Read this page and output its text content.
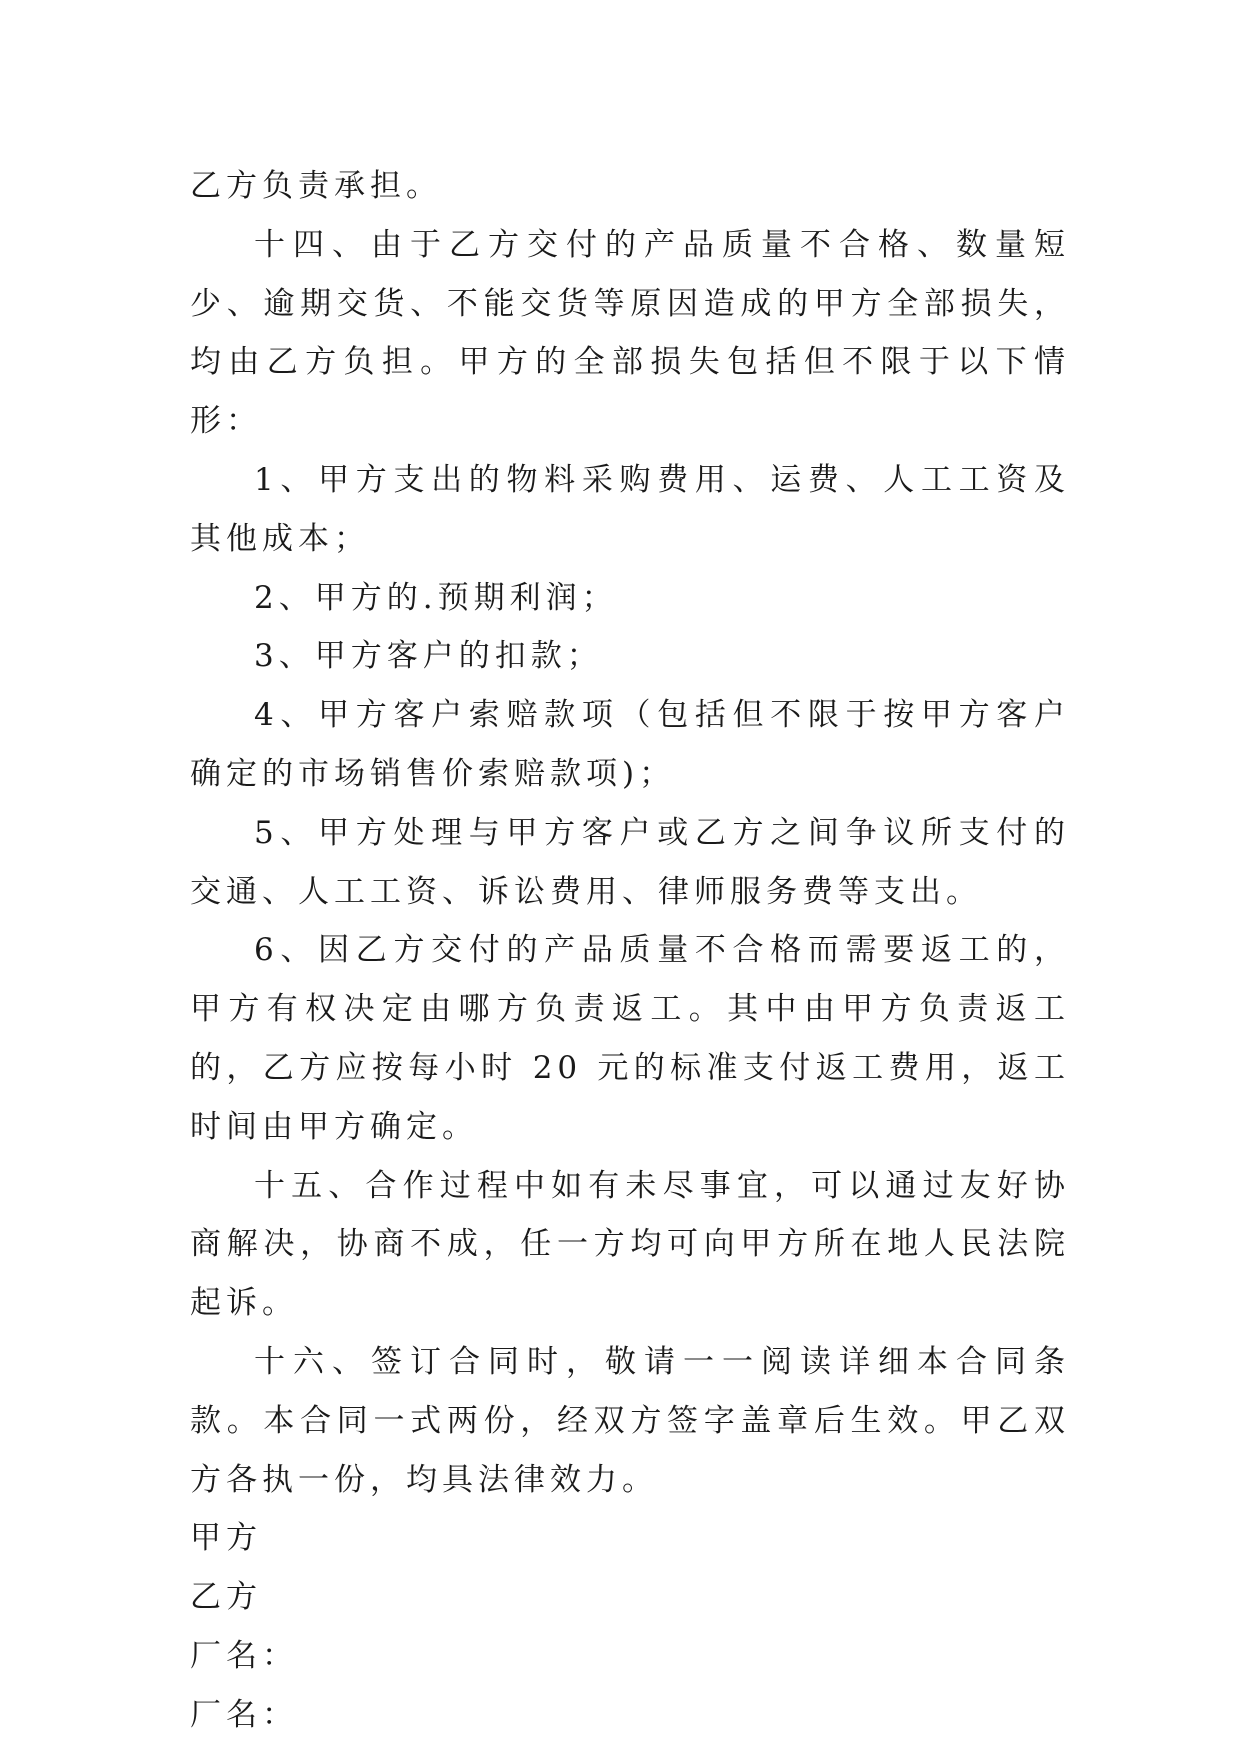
乙方负责承担。

十四、由于乙方交付的产品质量不合格、数量短少、逾期交货、不能交货等原因造成的甲方全部损失，均由乙方负担。甲方的全部损失包括但不限于以下情形：

1、甲方支出的物料采购费用、运费、人工工资及其他成本；

2、甲方的.预期利润；

3、甲方客户的扣款；

4、甲方客户索赔款项（包括但不限于按甲方客户确定的市场销售价索赔款项)；

5、甲方处理与甲方客户或乙方之间争议所支付的交通、人工工资、诉讼费用、律师服务费等支出。

6、因乙方交付的产品质量不合格而需要返工的，甲方有权决定由哪方负责返工。其中由甲方负责返工的，乙方应按每小时 20 元的标准支付返工费用，返工时间由甲方确定。

十五、合作过程中如有未尽事宜，可以通过友好协商解决，协商不成，任一方均可向甲方所在地人民法院起诉。

十六、签订合同时，敬请一一阅读详细本合同条款。本合同一式两份，经双方签字盖章后生效。甲乙双方各执一份，均具法律效力。

甲方

乙方

厂名：

厂名：
